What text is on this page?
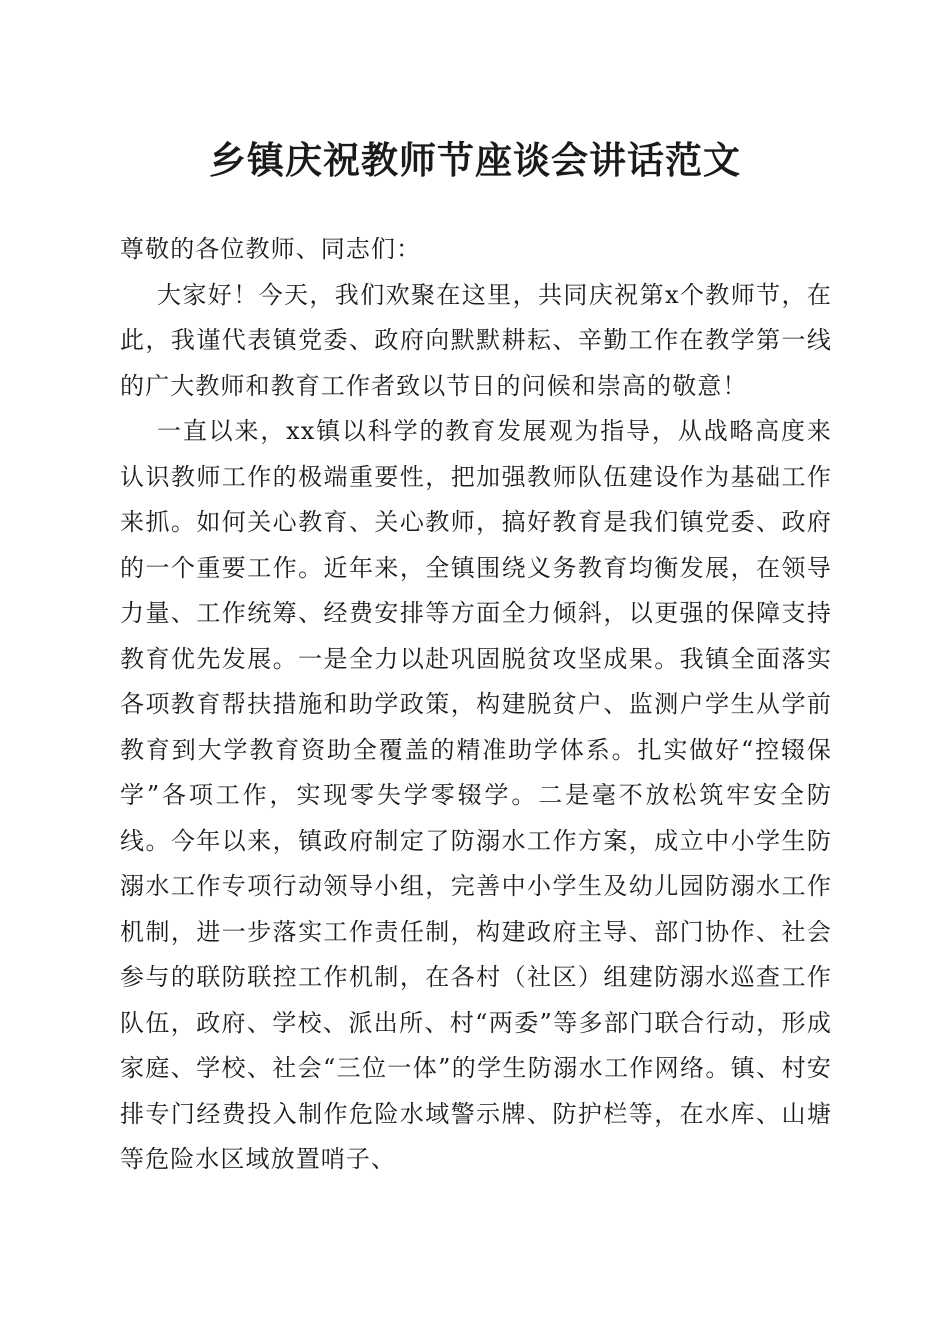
乡镇庆祝教师节座谈会讲话范文

尊敬的各位教师、同志们：

大家好！今天，我们欢聚在这里，共同庆祝第x个教师节，在此，我谨代表镇党委、政府向默默耕耘、辛勤工作在教学第一线的广大教师和教育工作者致以节日的问候和崇高的敬意！

一直以来，xx镇以科学的教育发展观为指导，从战略高度来认识教师工作的极端重要性，把加强教师队伍建设作为基础工作来抓。如何关心教育、关心教师，搞好教育是我们镇党委、政府的一个重要工作。近年来，全镇围绕义务教育均衡发展，在领导力量、工作统筹、经费安排等方面全力倾斜，以更强的保障支持教育优先发展。一是全力以赴巩固脱贫攻坚成果。我镇全面落实各项教育帮扶措施和助学政策，构建脱贫户、监测户学生从学前教育到大学教育资助全覆盖的精准助学体系。扎实做好“控辍保学”各项工作，实现零失学零辍学。二是毫不放松筑牢安全防线。今年以来，镇政府制定了防溺水工作方案，成立中小学生防溺水工作专项行动领导小组，完善中小学生及幼儿园防溺水工作机制，进一步落实工作责任制，构建政府主导、部门协作、社会参与的联防联控工作机制，在各村（社区）组建防溺水巡查工作队伍，政府、学校、派出所、村“两委”等多部门联合行动，形成家庭、学校、社会“三位一体”的学生防溺水工作网络。镇、村安排专门经费投入制作危险水域警示牌、防护栏等，在水库、山塘等危险水区域放置哨子、
